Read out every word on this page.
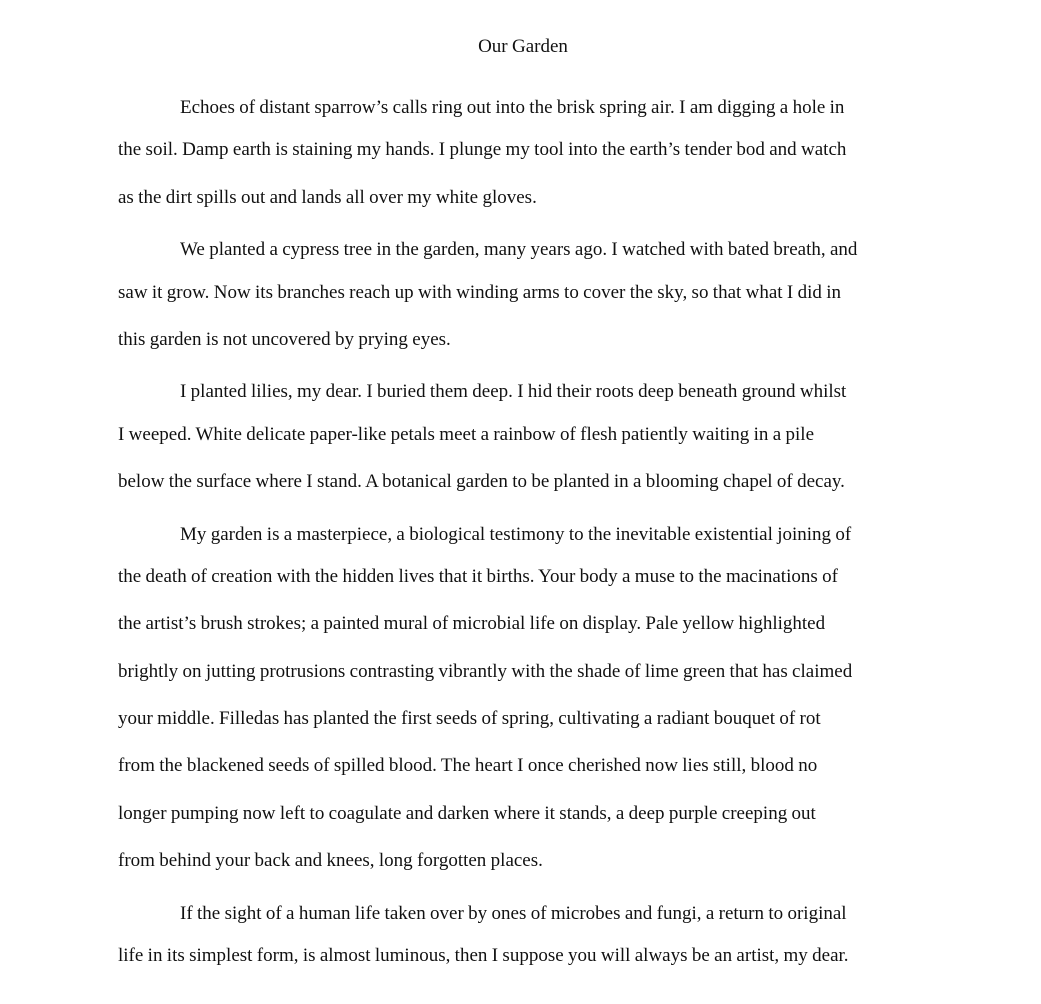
Our Garden

Echoes of distant sparrow’s calls ring out into the brisk spring air. I am digging a hole in
the soil. Damp earth is staining my hands. I plunge my tool into the earth’s tender bod and watch
as the dirt spills out and lands all over my white gloves.

We planted a cypress tree in the garden, many years ago. I watched with bated breath, and
saw it grow. Now its branches reach up with winding arms to cover the sky, so that what I did in
this garden is not uncovered by prying eyes.

I planted lilies, my dear. I buried them deep. I hid their roots deep beneath ground whilst
I weeped. White delicate paper-like petals meet a rainbow of flesh patiently waiting in a pile
below the surface where I stand. A botanical garden to be planted in a blooming chapel of decay.

My garden is a masterpiece, a biological testimony to the inevitable existential joining of
the death of creation with the hidden lives that it births. Your body a muse to the macinations of
the artist’s brush strokes; a painted mural of microbial life on display. Pale yellow highlighted
brightly on jutting protrusions contrasting vibrantly with the shade of lime green that has claimed
your middle. Filledas has planted the first seeds of spring, cultivating a radiant bouquet of rot
from the blackened seeds of spilled blood. The heart I once cherished now lies still, blood no
longer pumping now left to coagulate and darken where it stands, a deep purple creeping out
from behind your back and knees, long forgotten places.

If the sight of a human life taken over by ones of microbes and fungi, a return to original
life in its simplest form, is almost luminous, then I suppose you will always be an artist, my dear.
